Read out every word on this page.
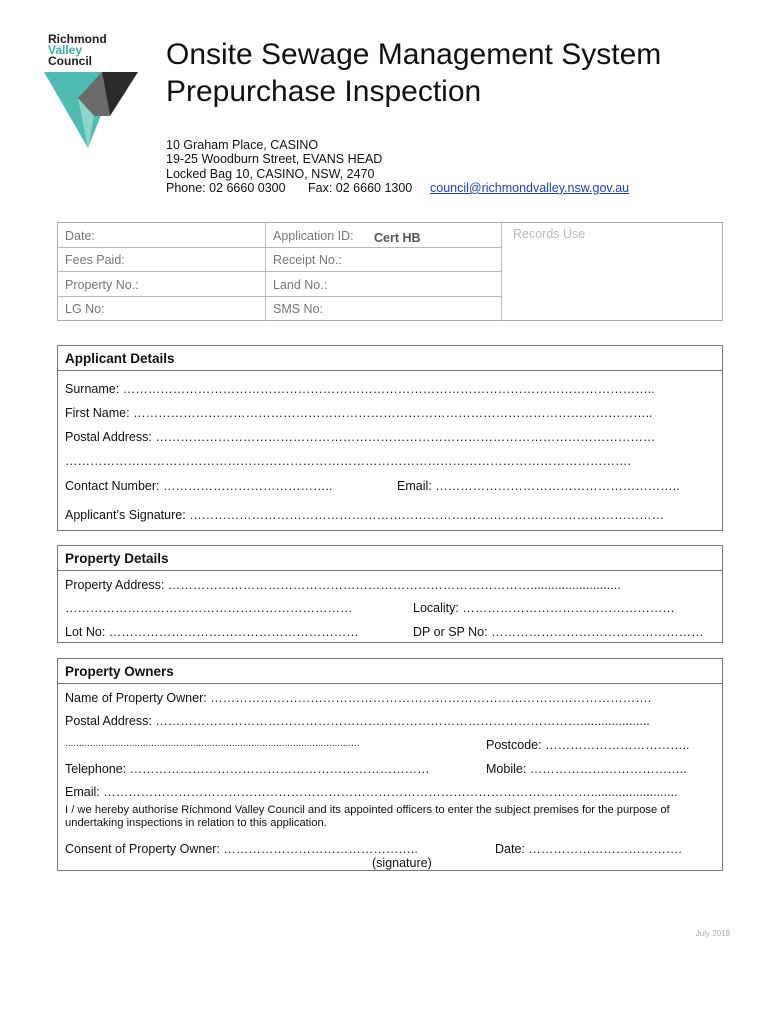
Richmond
Valley
Council	Onsite Sewage Management System
Prepurchase Inspection
10 Graham Place, CASINO
19-25 Woodburn Street, EVANS HEAD
Locked Bag 10, CASINO, NSW, 2470
Phone: 02 6660 0300 Fax: 02 6660 1300 council@richmondvalley.nsw.gov.au
Date:	Application ID: Cert HB	Records Use
Fees Paid:	Receipt No.:
Property No.:	Land No.:
LG No:	SMS No:
Applicant Details
Surname: ………………………………………………………………………………………………………………..
First Name: ……………………………………………………………………………………………………………..
Postal Address: …………………………………………………………………………………………………………
……………………………………………………………………………………………………………………….
Contact Number: …………………………………..	Email: …………………………………………………..
Applicant’s Signature: ……………………………………………………………………………………………………
Property Details
Property Address: ……………………………………………………………………………..........................
……………………………………………………………	Locality: ……………………………………………
Lot No: ……………………………………………………	DP or SP No: ……………………………………………
Property Owners
Name of Property Owner: …………………………………………………………………………………………….
Postal Address: …………………………………………………………………………………………....................
..........................................................................................................	Postcode: ……………………………..
Telephone: ………………………………………………………………	Mobile: ………………………………..
Email: ……………………………………………………………………………………………………….........................
I / we hereby authorise Richmond Valley Council and its appointed officers to enter the subject premises for the purpose of undertaking inspections in relation to this application.
Consent of Property Owner: ………………………………………..
(signature)
Date: ……………………………….
July 2018
